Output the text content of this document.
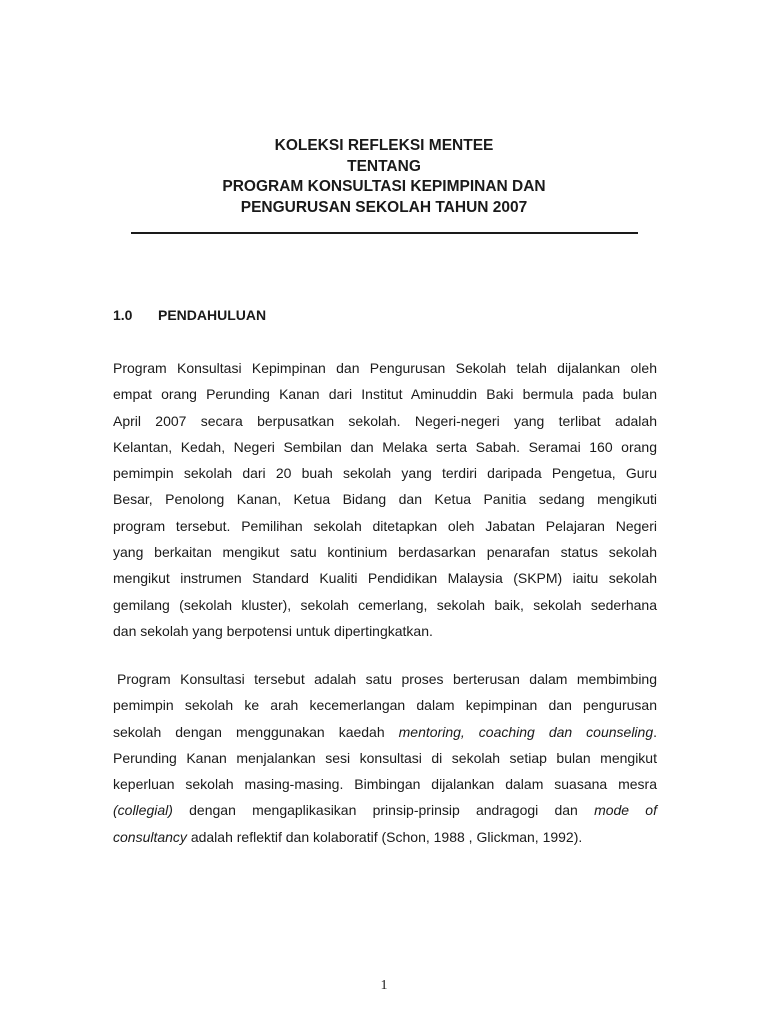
KOLEKSI REFLEKSI MENTEE
TENTANG
PROGRAM KONSULTASI KEPIMPINAN DAN
PENGURUSAN SEKOLAH TAHUN 2007
1.0 PENDAHULUAN
Program Konsultasi Kepimpinan dan Pengurusan Sekolah telah dijalankan oleh
empat orang Perunding Kanan dari Institut Aminuddin Baki bermula pada bulan
April 2007 secara berpusatkan sekolah. Negeri-negeri yang terlibat adalah
Kelantan, Kedah, Negeri Sembilan dan Melaka serta Sabah. Seramai 160 orang
pemimpin sekolah dari 20 buah sekolah yang terdiri daripada Pengetua, Guru
Besar, Penolong Kanan, Ketua Bidang dan Ketua Panitia sedang mengikuti
program tersebut. Pemilihan sekolah ditetapkan oleh Jabatan Pelajaran Negeri
yang berkaitan mengikut satu kontinium berdasarkan penarafan status sekolah
mengikut instrumen Standard Kualiti Pendidikan Malaysia (SKPM) iaitu sekolah
gemilang (sekolah kluster), sekolah cemerlang, sekolah baik, sekolah sederhana
dan sekolah yang berpotensi untuk dipertingkatkan.
Program Konsultasi tersebut adalah satu proses berterusan dalam membimbing
pemimpin sekolah ke arah kecemerlangan dalam kepimpinan dan pengurusan
sekolah dengan menggunakan kaedah mentoring, coaching dan counseling.
Perunding Kanan menjalankan sesi konsultasi di sekolah setiap bulan mengikut
keperluan sekolah masing-masing. Bimbingan dijalankan dalam suasana mesra
(collegial) dengan mengaplikasikan prinsip-prinsip andragogi dan mode of
consultancy adalah reflektif dan kolaboratif (Schon, 1988 , Glickman, 1992).
1
